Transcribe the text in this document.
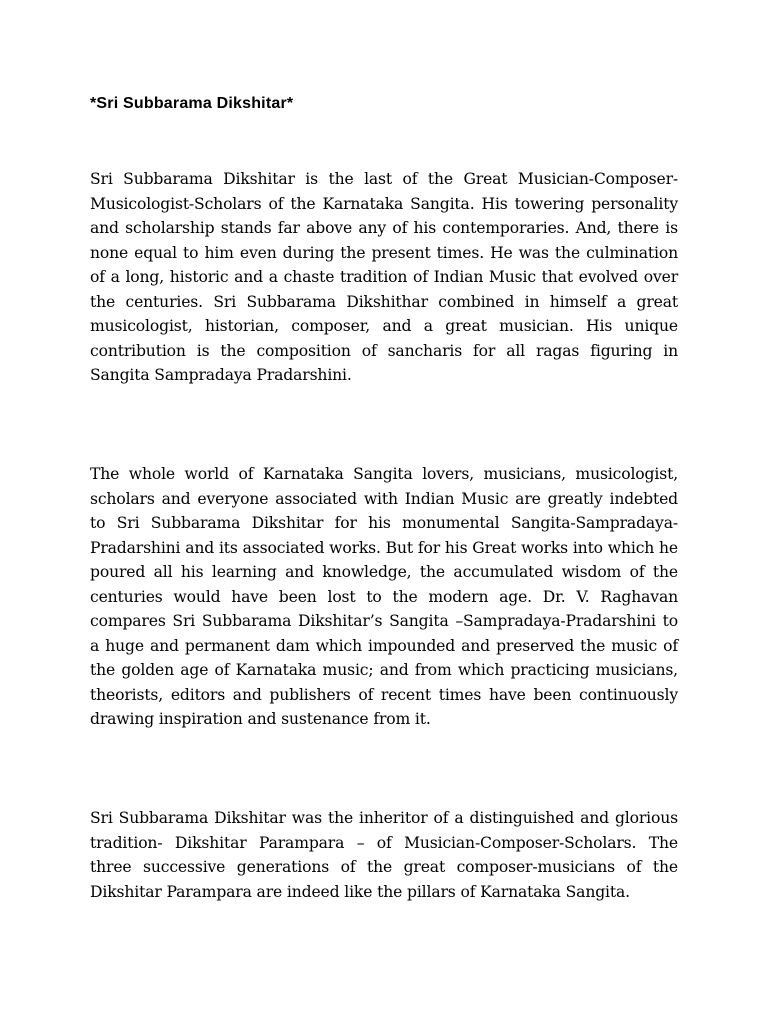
*Sri Subbarama Dikshitar*

Sri Subbarama Dikshitar is the last of the Great Musician-Composer-Musicologist-Scholars of the Karnataka Sangita. His towering personality and scholarship stands far above any of his contemporaries. And, there is none equal to him even during the present times. He was the culmination of a long, historic and a chaste tradition of Indian Music that evolved over the centuries. Sri Subbarama Dikshithar combined in himself a great musicologist, historian, composer, and a great musician. His unique contribution is the composition of sancharis for all ragas figuring in Sangita Sampradaya Pradarshini.

The whole world of Karnataka Sangita lovers, musicians, musicologist, scholars and everyone associated with Indian Music are greatly indebted to Sri Subbarama Dikshitar for his monumental Sangita-Sampradaya-Pradarshini and its associated works. But for his Great works into which he poured all his learning and knowledge, the accumulated wisdom of the centuries would have been lost to the modern age. Dr. V. Raghavan compares Sri Subbarama Dikshitar’s Sangita –Sampradaya-Pradarshini to a huge and permanent dam which impounded and preserved the music of the golden age of Karnataka music; and from which practicing musicians, theorists, editors and publishers of recent times have been continuously drawing inspiration and sustenance from it.

Sri Subbarama Dikshitar was the inheritor of a distinguished and glorious tradition- Dikshitar Parampara – of Musician-Composer-Scholars. The three successive generations of the great composer-musicians of the Dikshitar Parampara are indeed like the pillars of Karnataka Sangita.
